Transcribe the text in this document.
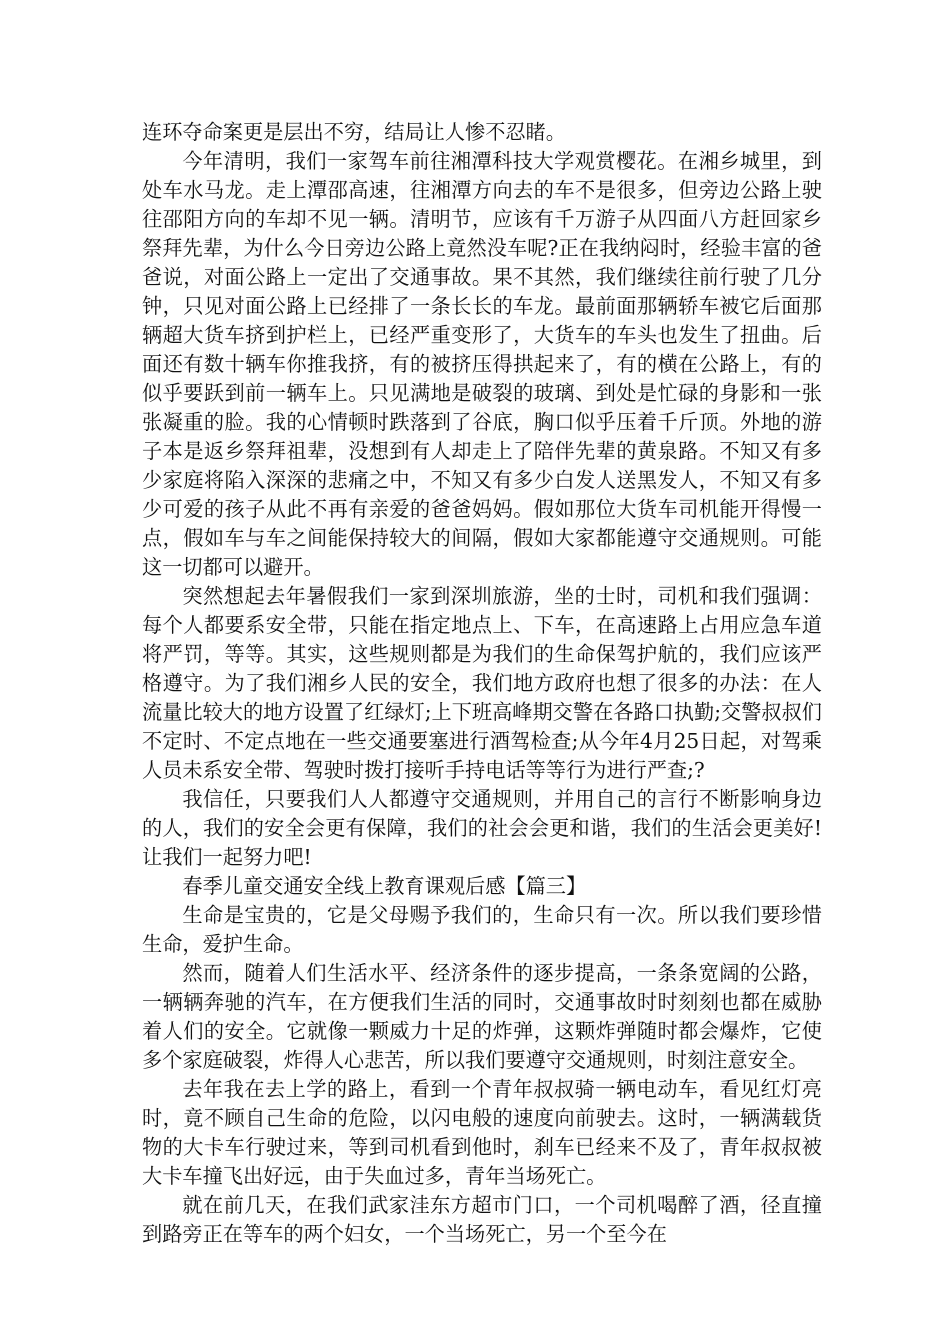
连环夺命案更是层出不穷，结局让人惨不忍睹。

今年清明，我们一家驾车前往湘潭科技大学观赏樱花。在湘乡城里，到处车水马龙。走上潭邵高速，往湘潭方向去的车不是很多，但旁边公路上驶往邵阳方向的车却不见一辆。清明节，应该有千万游子从四面八方赶回家乡祭拜先辈，为什么今日旁边公路上竟然没车呢?正在我纳闷时，经验丰富的爸爸说，对面公路上一定出了交通事故。果不其然，我们继续往前行驶了几分钟，只见对面公路上已经排了一条长长的车龙。最前面那辆轿车被它后面那辆超大货车挤到护栏上，已经严重变形了，大货车的车头也发生了扭曲。后面还有数十辆车你推我挤，有的被挤压得拱起来了，有的横在公路上，有的似乎要跃到前一辆车上。只见满地是破裂的玻璃、到处是忙碌的身影和一张张凝重的脸。我的心情顿时跌落到了谷底，胸口似乎压着千斤顶。外地的游子本是返乡祭拜祖辈，没想到有人却走上了陪伴先辈的黄泉路。不知又有多少家庭将陷入深深的悲痛之中，不知又有多少白发人送黑发人，不知又有多少可爱的孩子从此不再有亲爱的爸爸妈妈。假如那位大货车司机能开得慢一点，假如车与车之间能保持较大的间隔，假如大家都能遵守交通规则。可能这一切都可以避开。

突然想起去年暑假我们一家到深圳旅游，坐的士时，司机和我们强调：每个人都要系安全带，只能在指定地点上、下车，在高速路上占用应急车道将严罚，等等。其实，这些规则都是为我们的生命保驾护航的，我们应该严格遵守。为了我们湘乡人民的安全，我们地方政府也想了很多的办法：在人流量比较大的地方设置了红绿灯;上下班高峰期交警在各路口执勤;交警叔叔们不定时、不定点地在一些交通要塞进行酒驾检查;从今年4月25日起，对驾乘人员未系安全带、驾驶时拨打接听手持电话等等行为进行严查;?

我信任，只要我们人人都遵守交通规则，并用自己的言行不断影响身边的人，我们的安全会更有保障，我们的社会会更和谐，我们的生活会更美好!让我们一起努力吧!

春季儿童交通安全线上教育课观后感【篇三】

生命是宝贵的，它是父母赐予我们的，生命只有一次。所以我们要珍惜生命，爱护生命。

然而，随着人们生活水平、经济条件的逐步提高，一条条宽阔的公路，一辆辆奔驰的汽车，在方便我们生活的同时，交通事故时时刻刻也都在威胁着人们的安全。它就像一颗威力十足的炸弹，这颗炸弹随时都会爆炸，它使多个家庭破裂，炸得人心悲苦，所以我们要遵守交通规则，时刻注意安全。

去年我在去上学的路上，看到一个青年叔叔骑一辆电动车，看见红灯亮时，竟不顾自己生命的危险，以闪电般的速度向前驶去。这时，一辆满载货物的大卡车行驶过来，等到司机看到他时，刹车已经来不及了，青年叔叔被大卡车撞飞出好远，由于失血过多，青年当场死亡。

就在前几天，在我们武家洼东方超市门口，一个司机喝醉了酒，径直撞到路旁正在等车的两个妇女，一个当场死亡，另一个至今在
